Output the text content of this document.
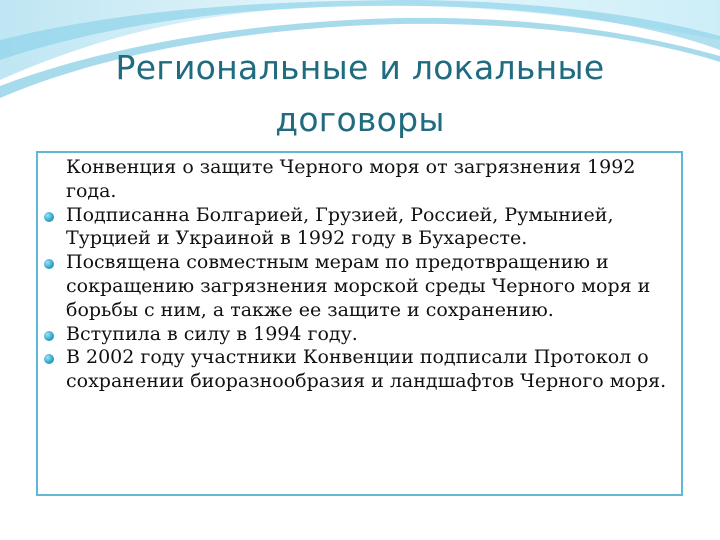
Региональные и локальные
договоры

Конвенция о защите Черного моря от загрязнения 1992 года.

Подписанна Болгарией, Грузией, Россией, Румынией, Турцией и Украиной в 1992 году в Бухаресте.

Посвящена совместным мерам по предотвращению и сокращению загрязнения морской среды Черного моря и борьбы с ним, а также ее защите и сохранению.

Вступила в силу в 1994 году.

В 2002 году участники Конвенции подписали Протокол о сохранении биоразнообразия и ландшафтов Черного моря.
